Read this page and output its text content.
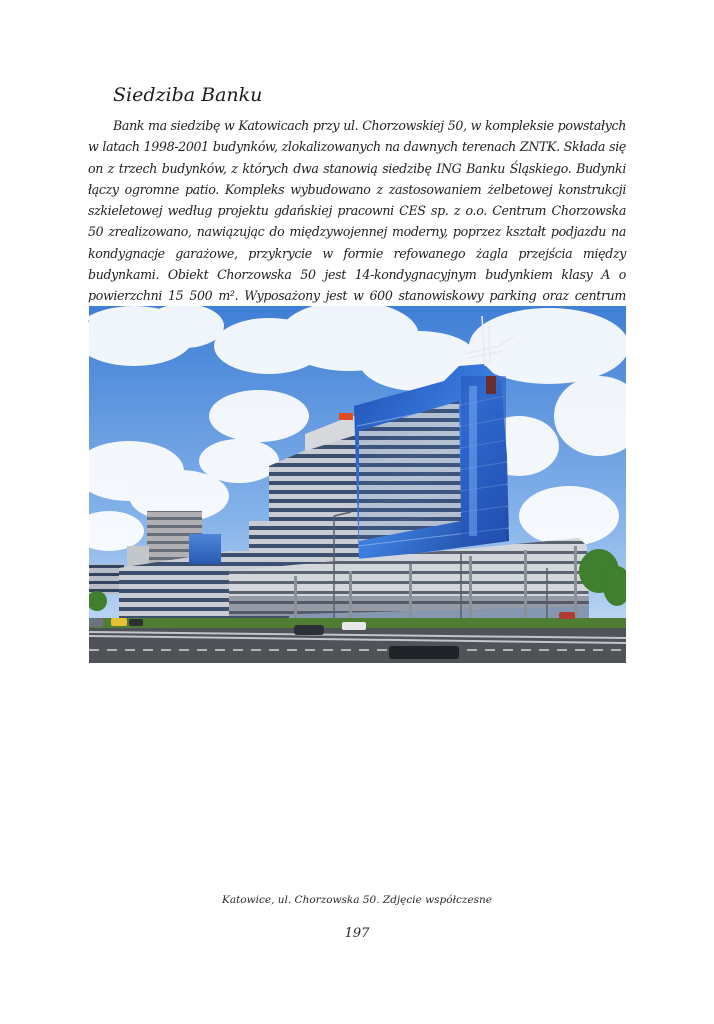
Siedziba Banku
Bank ma siedzibę w Katowicach przy ul. Chorzowskiej 50, w kompleksie powstałych w latach 1998-2001 budynków, zlokalizowanych na dawnych terenach ZNTK. Składa się on z trzech budynków, z których dwa stanowią siedzibę ING Banku Śląskiego. Budynki łączy ogromne patio. Kompleks wybudowano z zastosowaniem żelbetowej konstrukcji szkieletowej według projektu gdańskiej pracowni CES sp. z o.o. Centrum Chorzowska 50 zrealizowano, nawiązując do międzywojennej moderny, poprzez kształt podjazdu na kondygnacje garażowe, przykrycie w formie refowanego żagla przejścia między budynkami. Obiekt Chorzowska 50 jest 14-kondygnacyjnym budynkiem klasy A o powierzchni 15 500 m². Wyposażony jest w 600 stanowiskowy parking oraz centrum
Katowice, ul. Chorzowska 50. Zdjęcie współczesne
197
